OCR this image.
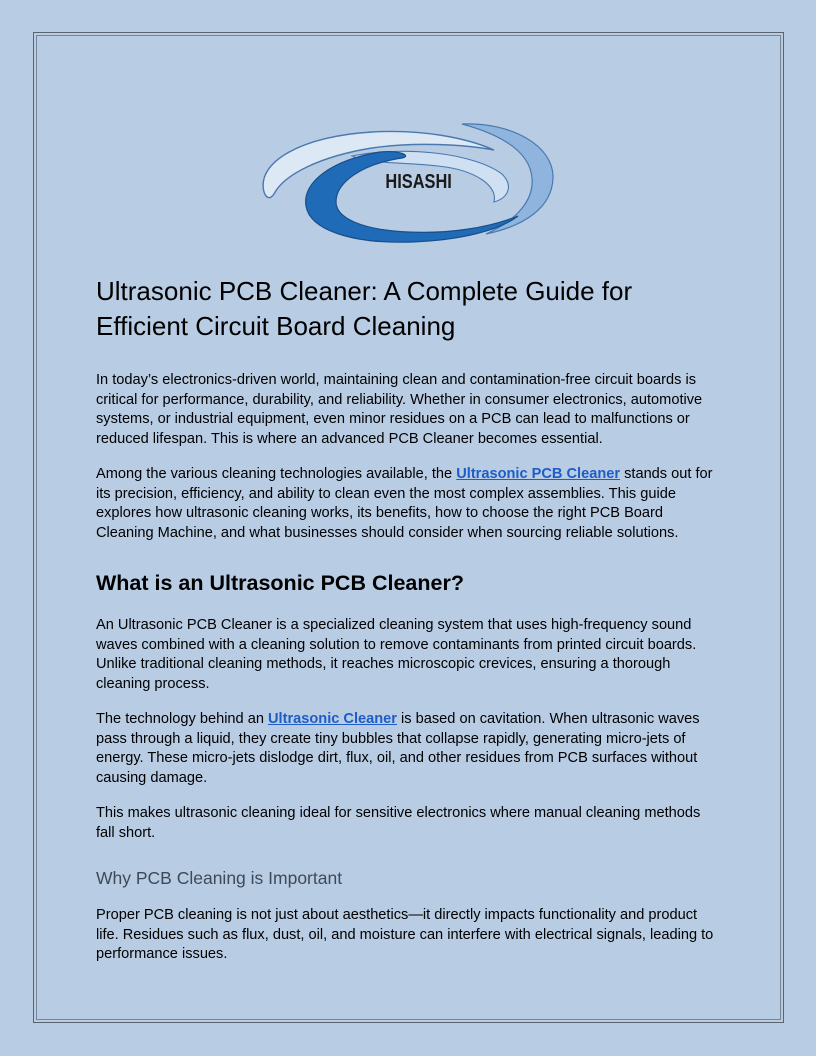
HISASHI
Ultrasonic PCB Cleaner: A Complete Guide for Efficient Circuit Board Cleaning

In today’s electronics-driven world, maintaining clean and contamination-free circuit boards is critical for performance, durability, and reliability. Whether in consumer electronics, automotive systems, or industrial equipment, even minor residues on a PCB can lead to malfunctions or reduced lifespan. This is where an advanced PCB Cleaner becomes essential.

Among the various cleaning technologies available, the Ultrasonic PCB Cleaner stands out for its precision, efficiency, and ability to clean even the most complex assemblies. This guide explores how ultrasonic cleaning works, its benefits, how to choose the right PCB Board Cleaning Machine, and what businesses should consider when sourcing reliable solutions.

What is an Ultrasonic PCB Cleaner?

An Ultrasonic PCB Cleaner is a specialized cleaning system that uses high-frequency sound waves combined with a cleaning solution to remove contaminants from printed circuit boards. Unlike traditional cleaning methods, it reaches microscopic crevices, ensuring a thorough cleaning process.

The technology behind an Ultrasonic Cleaner is based on cavitation. When ultrasonic waves pass through a liquid, they create tiny bubbles that collapse rapidly, generating micro-jets of energy. These micro-jets dislodge dirt, flux, oil, and other residues from PCB surfaces without causing damage.

This makes ultrasonic cleaning ideal for sensitive electronics where manual cleaning methods fall short.

Why PCB Cleaning is Important

Proper PCB cleaning is not just about aesthetics—it directly impacts functionality and product life. Residues such as flux, dust, oil, and moisture can interfere with electrical signals, leading to performance issues.
